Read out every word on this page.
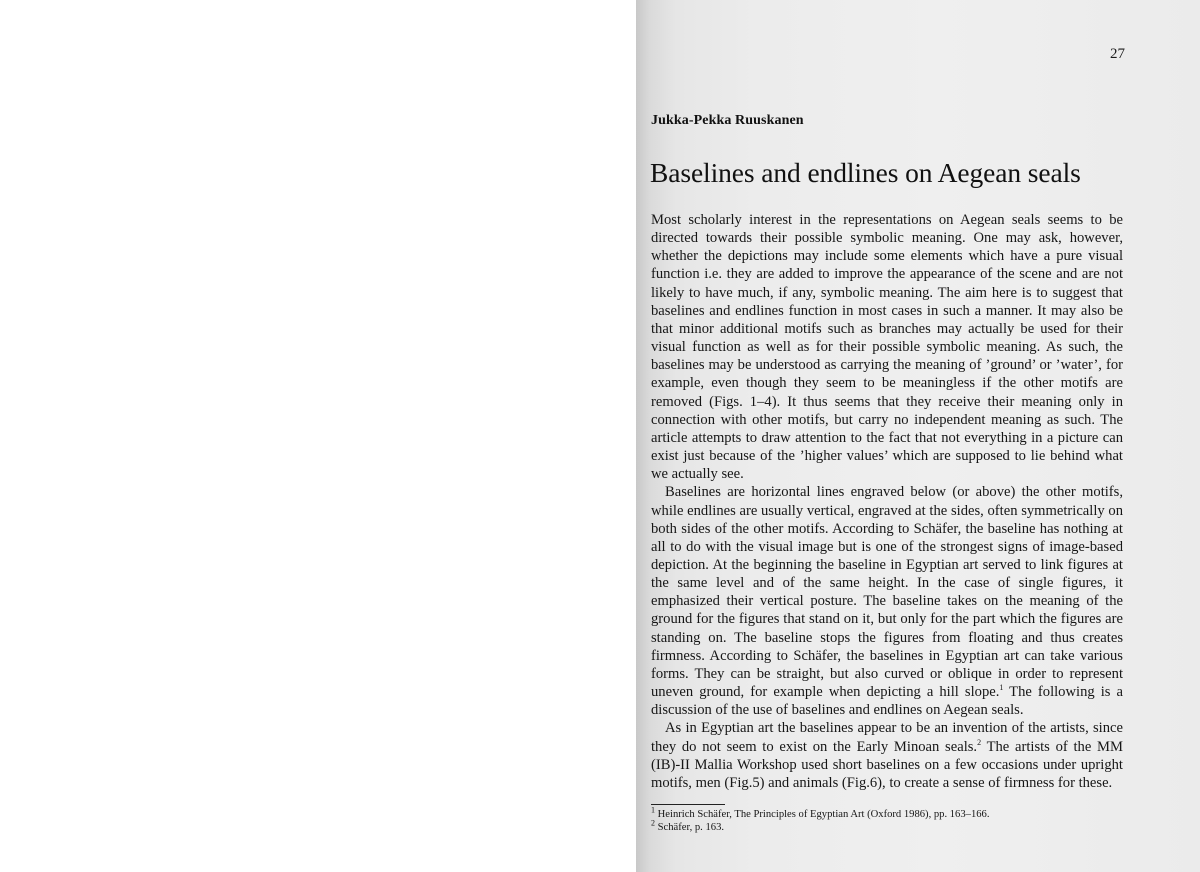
27
Jukka-Pekka Ruuskanen
Baselines and endlines on Aegean seals

Most scholarly interest in the representations on Aegean seals seems to be directed towards their possible symbolic meaning. One may ask, however, whether the depictions may include some elements which have a pure visual function i.e. they are added to improve the appearance of the scene and are not likely to have much, if any, symbolic meaning. The aim here is to suggest that baselines and endlines function in most cases in such a manner. It may also be that minor additional motifs such as branches may actually be used for their visual function as well as for their possible symbolic meaning. As such, the baselines may be understood as carrying the meaning of ’ground’ or ’water’, for example, even though they seem to be meaningless if the other motifs are removed (Figs. 1–4). It thus seems that they receive their meaning only in connection with other motifs, but carry no independent meaning as such. The article attempts to draw attention to the fact that not everything in a picture can exist just because of the ’higher values’ which are supposed to lie behind what we actually see.

Baselines are horizontal lines engraved below (or above) the other motifs, while endlines are usually vertical, engraved at the sides, often symmetrically on both sides of the other motifs. According to Schäfer, the baseline has nothing at all to do with the visual image but is one of the strongest signs of image-based depiction. At the beginning the baseline in Egyptian art served to link figures at the same level and of the same height. In the case of single figures, it emphasized their vertical posture. The baseline takes on the meaning of the ground for the figures that stand on it, but only for the part which the figures are standing on. The baseline stops the figures from floating and thus creates firmness. According to Schäfer, the baselines in Egyptian art can take various forms. They can be straight, but also curved or oblique in order to represent uneven ground, for example when depicting a hill slope.$^1$ The following is a discussion of the use of baselines and endlines on Aegean seals.

As in Egyptian art the baselines appear to be an invention of the artists, since they do not seem to exist on the Early Minoan seals.$^2$ The artists of the MM (IB)-II Mallia Workshop used short baselines on a few occasions under upright motifs, men (Fig.5) and animals (Fig.6), to create a sense of firmness for these.

$^1$ Heinrich Schäfer, The Principles of Egyptian Art (Oxford 1986), pp. 163–166.
$^2$ Schäfer, p. 163.
